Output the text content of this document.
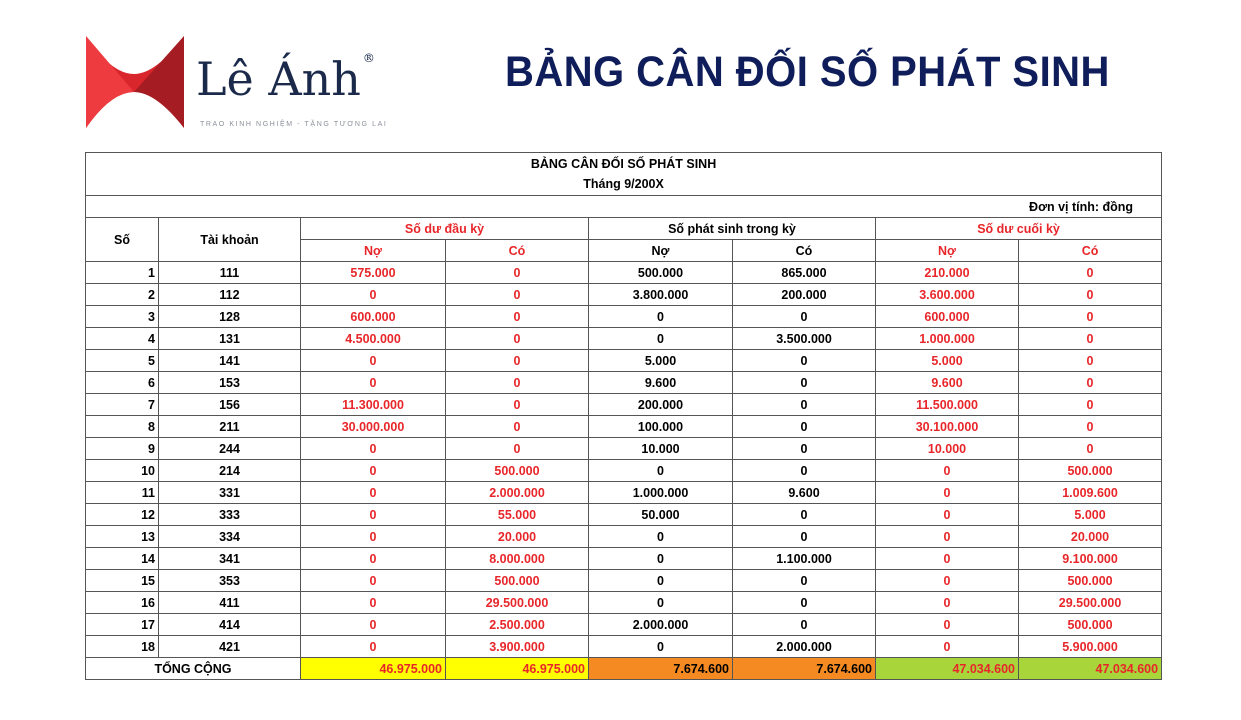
Lê Ánh ®
TRAO KINH NGHIỆM - TẶNG TƯƠNG LAI
BẢNG CÂN ĐỐI SỐ PHÁT SINH
BẢNG CÂN ĐỐI SỐ PHÁT SINH
Tháng 9/200X							

Đơn vị tính: đồng							
Số	Tài khoản	Số dư đầu kỳ		Số phát sinh trong kỳ		Số dư cuối kỳ	
		Nợ	Có	Nợ	Có	Nợ	Có
1	111	575.000	0	500.000	865.000	210.000	0
2	112	0	0	3.800.000	200.000	3.600.000	0
3	128	600.000	0	0	0	600.000	0
4	131	4.500.000	0	0	3.500.000	1.000.000	0
5	141	0	0	5.000	0	5.000	0
6	153	0	0	9.600	0	9.600	0
7	156	11.300.000	0	200.000	0	11.500.000	0
8	211	30.000.000	0	100.000	0	30.100.000	0
9	244	0	0	10.000	0	10.000	0
10	214	0	500.000	0	0	0	500.000
11	331	0	2.000.000	1.000.000	9.600	0	1.009.600
12	333	0	55.000	50.000	0	0	5.000
13	334	0	20.000	0	0	0	20.000
14	341	0	8.000.000	0	1.100.000	0	9.100.000
15	353	0	500.000	0	0	0	500.000
16	411	0	29.500.000	0	0	0	29.500.000
17	414	0	2.500.000	2.000.000	0	0	500.000
18	421	0	3.900.000	0	2.000.000	0	5.900.000
TỔNG CỘNG		46.975.000	46.975.000	7.674.600	7.674.600	47.034.600	47.034.600
